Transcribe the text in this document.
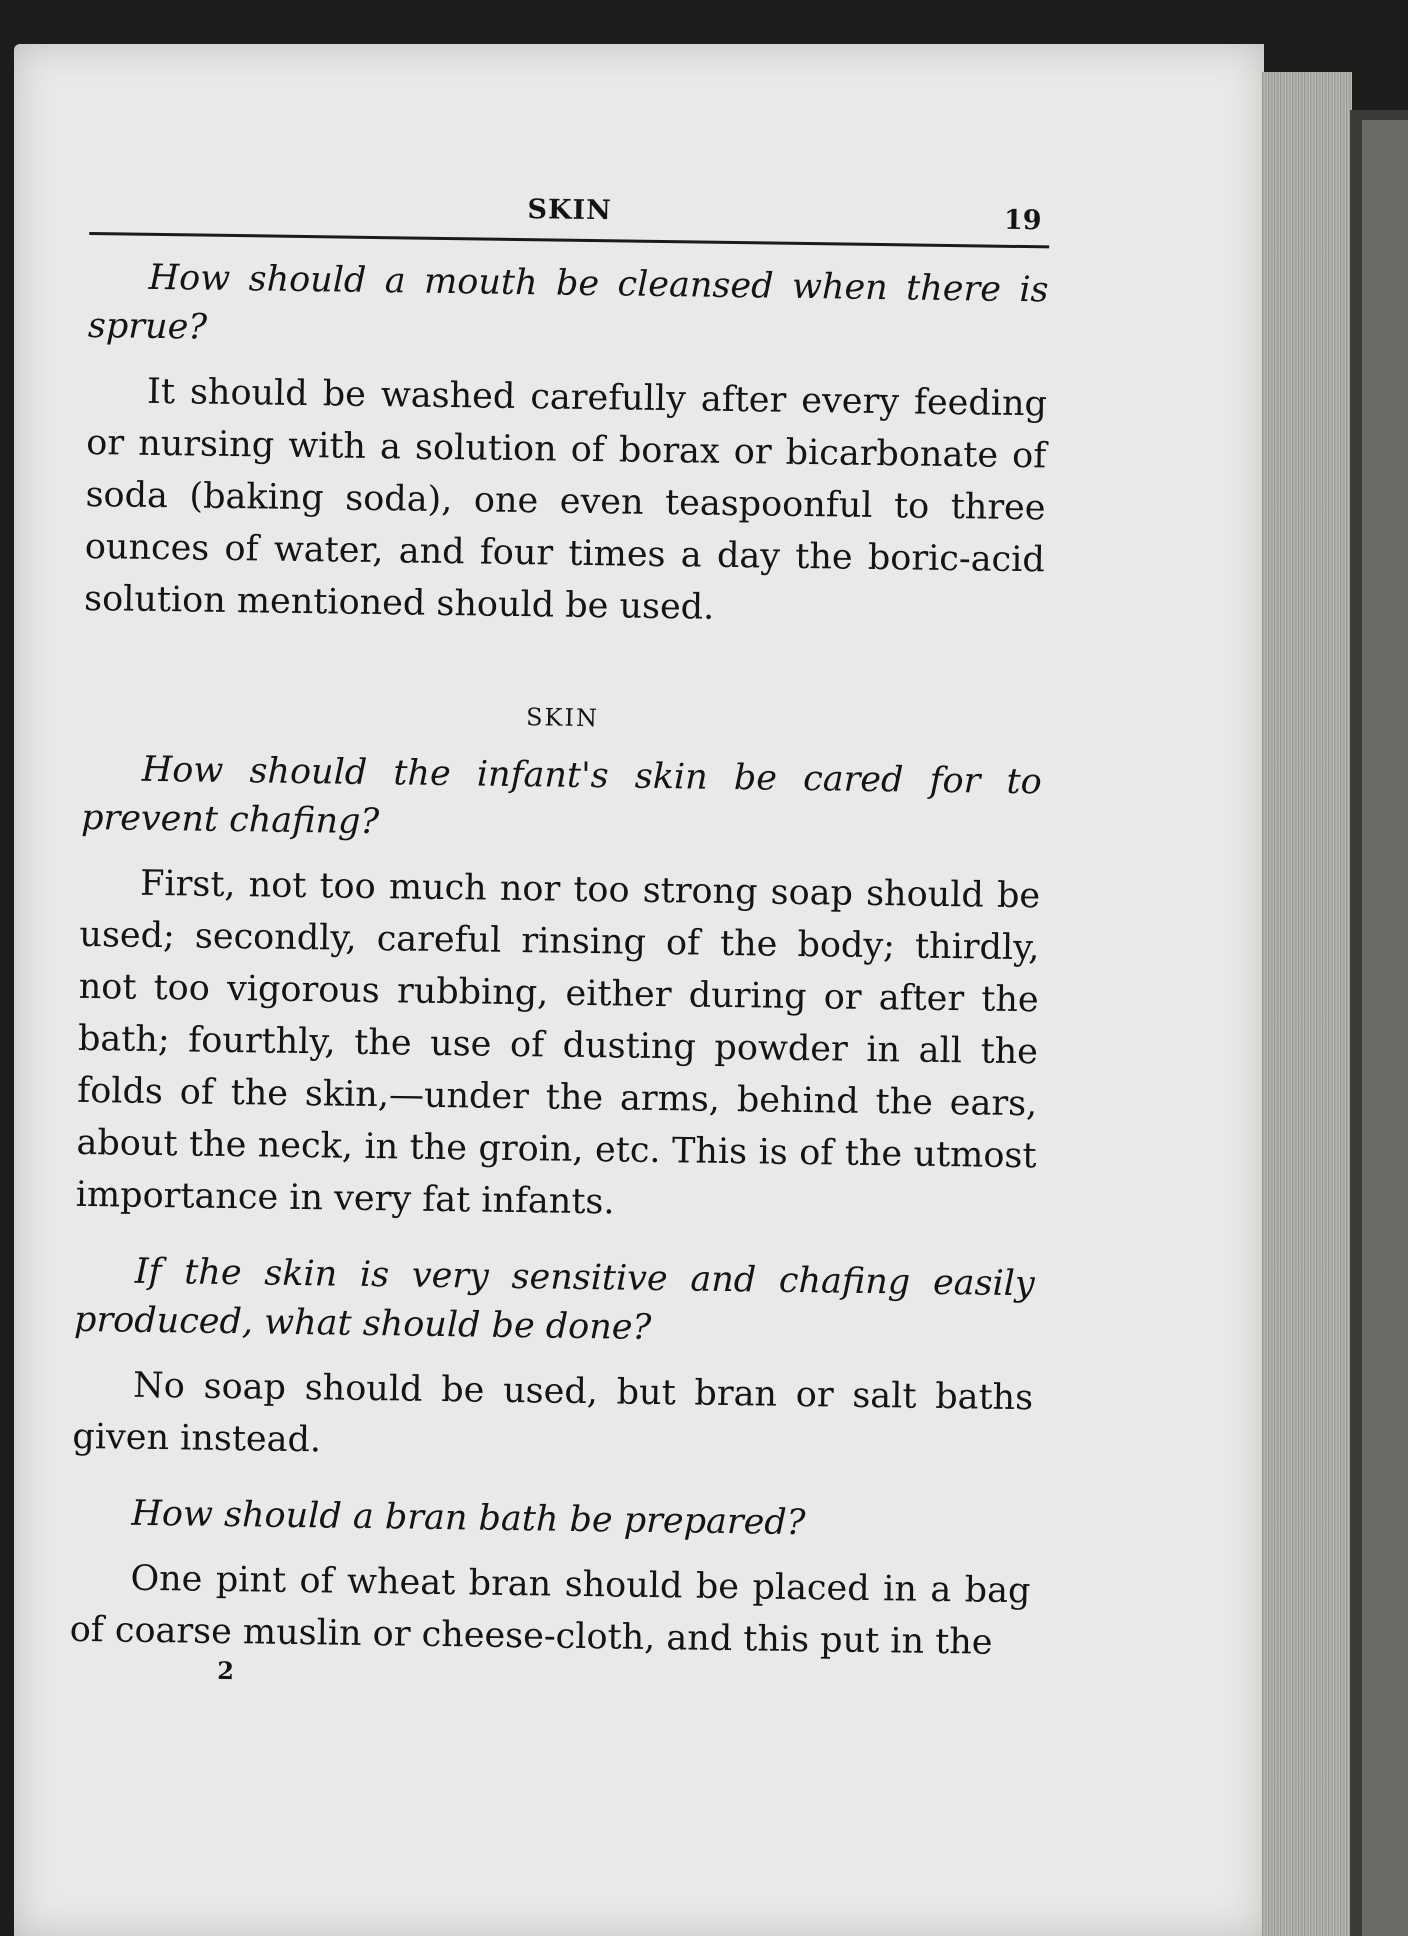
SKIN	19

How should a mouth be cleansed when there is sprue?

It should be washed carefully after every feeding or nursing with a solution of borax or bicarbonate of soda (baking soda), one even teaspoonful to three ounces of water, and four times a day the boric-acid solution mentioned should be used.

SKIN

How should the infant's skin be cared for to prevent chafing?

First, not too much nor too strong soap should be used; secondly, careful rinsing of the body; thirdly, not too vigorous rubbing, either during or after the bath; fourthly, the use of dusting powder in all the folds of the skin,—under the arms, behind the ears, about the neck, in the groin, etc. This is of the utmost importance in very fat infants.

If the skin is very sensitive and chafing easily produced, what should be done?

No soap should be used, but bran or salt baths given instead.

How should a bran bath be prepared?

One pint of wheat bran should be placed in a bag of coarse muslin or cheese-cloth, and this put in the

2
